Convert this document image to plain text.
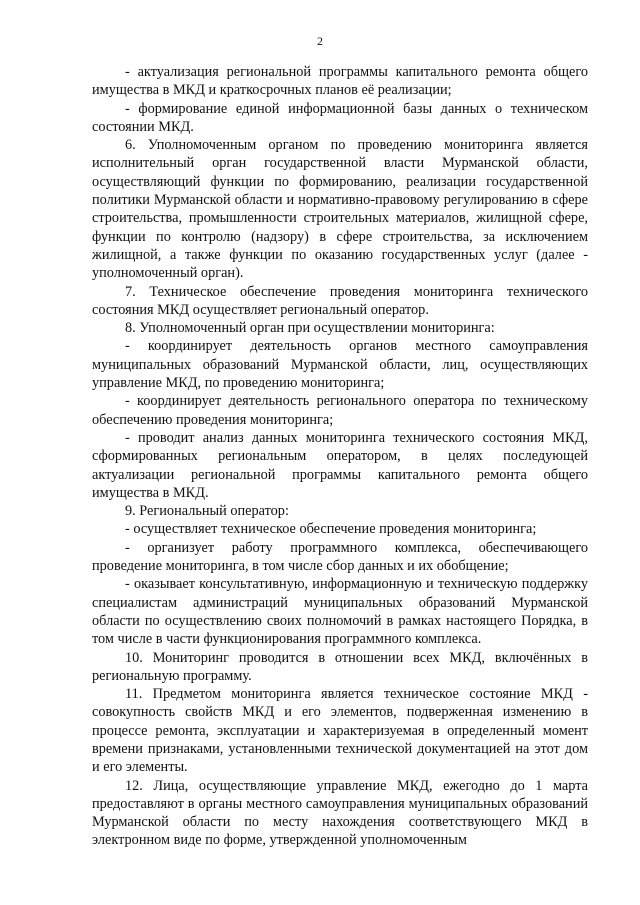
2

- актуализация региональной программы капитального ремонта общего имущества в МКД и краткосрочных планов её реализации;

- формирование единой информационной базы данных о техническом состоянии МКД.

6. Уполномоченным органом по проведению мониторинга является исполнительный орган государственной власти Мурманской области, осуществляющий функции по формированию, реализации государственной политики Мурманской области и нормативно-правовому регулированию в сфере строительства, промышленности строительных материалов, жилищной сфере, функции по контролю (надзору) в сфере строительства, за исключением жилищной, а также функции по оказанию государственных услуг (далее - уполномоченный орган).

7. Техническое обеспечение проведения мониторинга технического состояния МКД осуществляет региональный оператор.

8. Уполномоченный орган при осуществлении мониторинга:

- координирует деятельность органов местного самоуправления муниципальных образований Мурманской области, лиц, осуществляющих управление МКД, по проведению мониторинга;

- координирует деятельность регионального оператора по техническому обеспечению проведения мониторинга;

- проводит анализ данных мониторинга технического состояния МКД, сформированных региональным оператором, в целях последующей актуализации региональной программы капитального ремонта общего имущества в МКД.

9. Региональный оператор:

- осуществляет техническое обеспечение проведения мониторинга;

- организует работу программного комплекса, обеспечивающего проведение мониторинга, в том числе сбор данных и их обобщение;

- оказывает консультативную, информационную и техническую поддержку специалистам администраций муниципальных образований Мурманской области по осуществлению своих полномочий в рамках настоящего Порядка, в том числе в части функционирования программного комплекса.

10. Мониторинг проводится в отношении всех МКД, включённых в региональную программу.

11. Предметом мониторинга является техническое состояние МКД - совокупность свойств МКД и его элементов, подверженная изменению в процессе ремонта, эксплуатации и характеризуемая в определенный момент времени признаками, установленными технической документацией на этот дом и его элементы.

12. Лица, осуществляющие управление МКД, ежегодно до 1 марта предоставляют в органы местного самоуправления муниципальных образований Мурманской области по месту нахождения соответствующего МКД в электронном виде по форме, утвержденной уполномоченным
